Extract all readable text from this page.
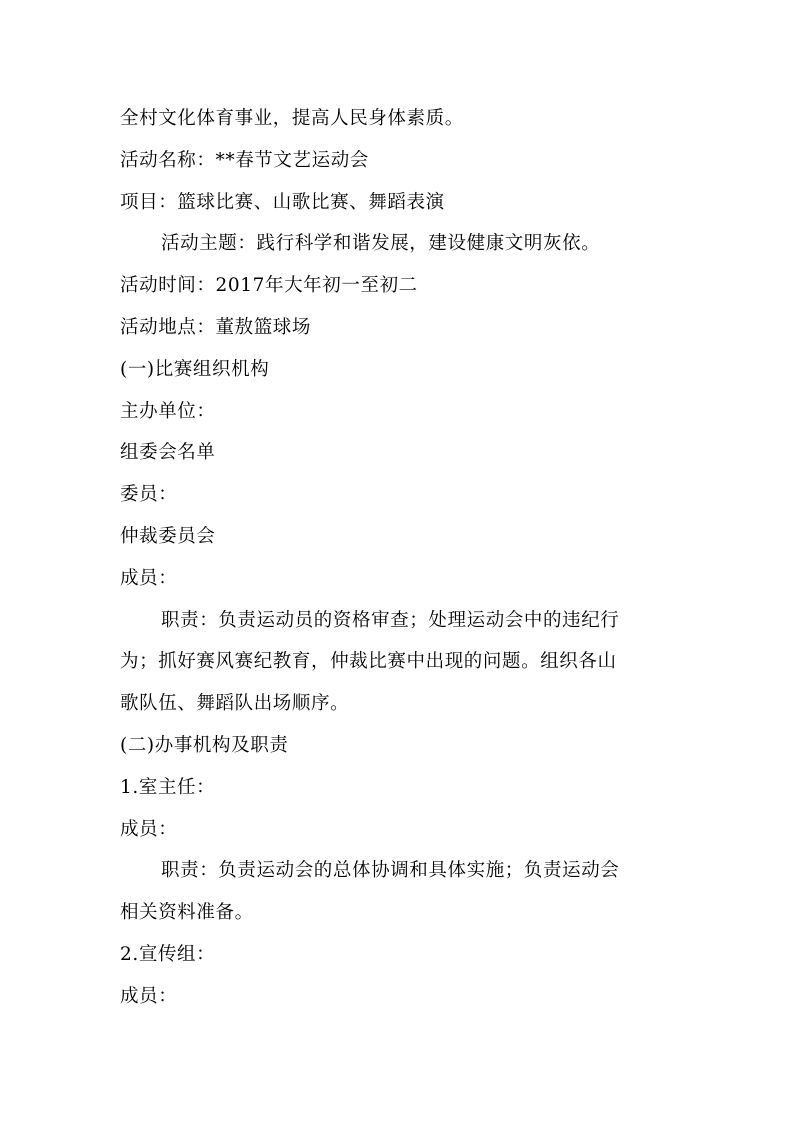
全村文化体育事业，提高人民身体素质。

活动名称：**春节文艺运动会

项目：篮球比赛、山歌比赛、舞蹈表演

活动主题：践行科学和谐发展，建设健康文明灰依。

活动时间：2017年大年初一至初二

活动地点：董敖篮球场

(一)比赛组织机构

主办单位：

组委会名单

委员：

仲裁委员会

成员：

职责：负责运动员的资格审查；处理运动会中的违纪行

为；抓好赛风赛纪教育，仲裁比赛中出现的问题。组织各山

歌队伍、舞蹈队出场顺序。

(二)办事机构及职责

1.室主任：

成员：

职责：负责运动会的总体协调和具体实施；负责运动会

相关资料准备。

2.宣传组：

成员：
